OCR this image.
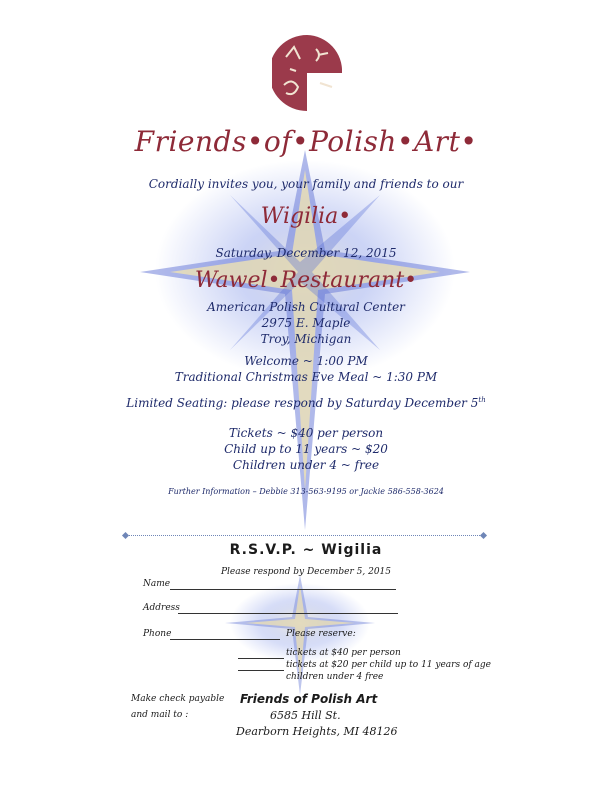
Friends•of•Polish•Art•
Cordially invites you, your family and friends to our
Wigilia•
Saturday, December 12, 2015
Wawel•Restaurant•
American Polish Cultural Center
2975 E. Maple
Troy, Michigan
Welcome ~ 1:00 PM
Traditional Christmas Eve Meal ~ 1:30 PM
Limited Seating: please respond by Saturday December 5th
Tickets ~ $40 per person
Child up to 11 years ~ $20
Children under 4 ~ free
Further Information – Debbie 313-563-9195 or Jackie 586-558-3624
R.S.V.P. ~ Wigilia
Please respond by December 5, 2015
Name
Address
Phone	Please reserve:
tickets at $40 per person
tickets at $20 per child up to 11 years of age
children under 4 free
Make check payable
and mail to :
Friends of Polish Art
6585 Hill St.
Dearborn Heights, MI 48126
